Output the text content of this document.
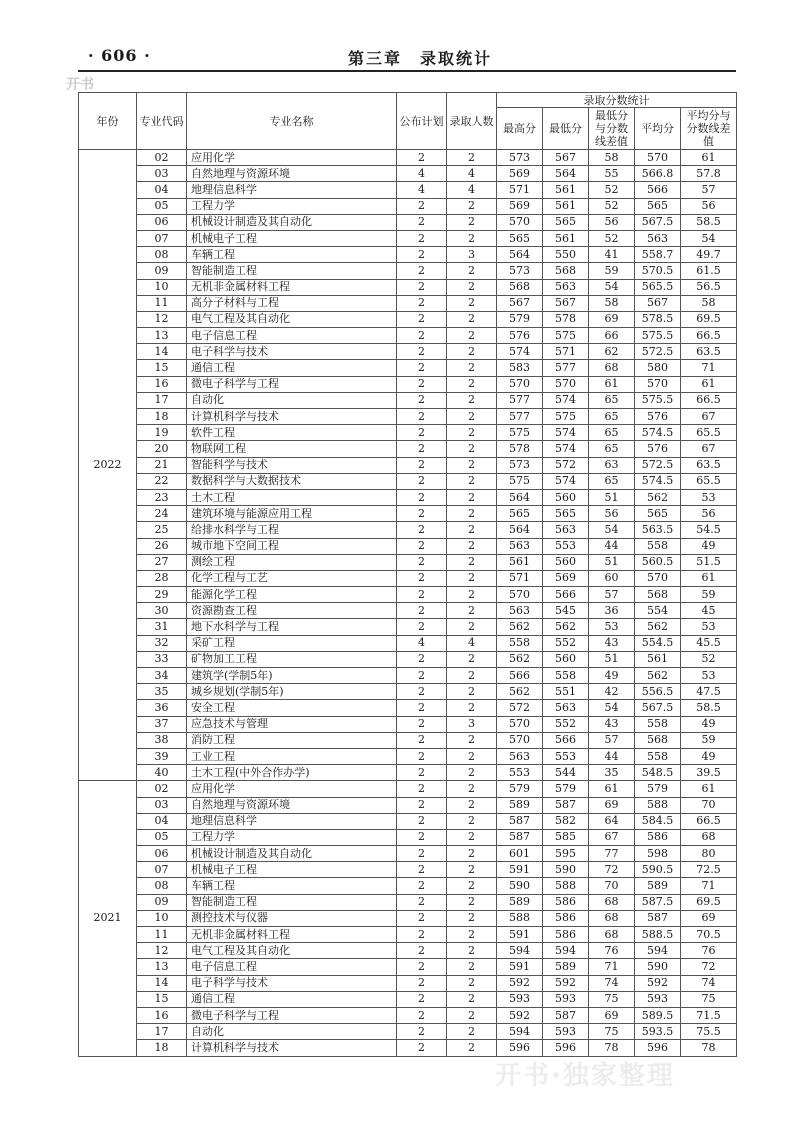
· 606 ·	第三章　录取统计
开书
年份	专业代码	专业名称	公布计划	录取人数	录取分数统计				
					最高分	最低分	最低分与分数线差值	平均分	平均分与分数线差值
2022	02	应用化学	2	2	573	567	58	570	61
	03	自然地理与资源环境	4	4	569	564	55	566.8	57.8
	04	地理信息科学	4	4	571	561	52	566	57
	05	工程力学	2	2	569	561	52	565	56
	06	机械设计制造及其自动化	2	2	570	565	56	567.5	58.5
	07	机械电子工程	2	2	565	561	52	563	54
	08	车辆工程	2	3	564	550	41	558.7	49.7
	09	智能制造工程	2	2	573	568	59	570.5	61.5
	10	无机非金属材料工程	2	2	568	563	54	565.5	56.5
	11	高分子材料与工程	2	2	567	567	58	567	58
	12	电气工程及其自动化	2	2	579	578	69	578.5	69.5
	13	电子信息工程	2	2	576	575	66	575.5	66.5
	14	电子科学与技术	2	2	574	571	62	572.5	63.5
	15	通信工程	2	2	583	577	68	580	71
	16	微电子科学与工程	2	2	570	570	61	570	61
	17	自动化	2	2	577	574	65	575.5	66.5
	18	计算机科学与技术	2	2	577	575	65	576	67
	19	软件工程	2	2	575	574	65	574.5	65.5
	20	物联网工程	2	2	578	574	65	576	67
	21	智能科学与技术	2	2	573	572	63	572.5	63.5
	22	数据科学与大数据技术	2	2	575	574	65	574.5	65.5
	23	土木工程	2	2	564	560	51	562	53
	24	建筑环境与能源应用工程	2	2	565	565	56	565	56
	25	给排水科学与工程	2	2	564	563	54	563.5	54.5
	26	城市地下空间工程	2	2	563	553	44	558	49
	27	测绘工程	2	2	561	560	51	560.5	51.5
	28	化学工程与工艺	2	2	571	569	60	570	61
	29	能源化学工程	2	2	570	566	57	568	59
	30	资源勘查工程	2	2	563	545	36	554	45
	31	地下水科学与工程	2	2	562	562	53	562	53
	32	采矿工程	4	4	558	552	43	554.5	45.5
	33	矿物加工工程	2	2	562	560	51	561	52
	34	建筑学(学制5年)	2	2	566	558	49	562	53
	35	城乡规划(学制5年)	2	2	562	551	42	556.5	47.5
	36	安全工程	2	2	572	563	54	567.5	58.5
	37	应急技术与管理	2	3	570	552	43	558	49
	38	消防工程	2	2	570	566	57	568	59
	39	工业工程	2	2	563	553	44	558	49
	40	土木工程(中外合作办学)	2	2	553	544	35	548.5	39.5
2021	02	应用化学	2	2	579	579	61	579	61
	03	自然地理与资源环境	2	2	589	587	69	588	70
	04	地理信息科学	2	2	587	582	64	584.5	66.5
	05	工程力学	2	2	587	585	67	586	68
	06	机械设计制造及其自动化	2	2	601	595	77	598	80
	07	机械电子工程	2	2	591	590	72	590.5	72.5
	08	车辆工程	2	2	590	588	70	589	71
	09	智能制造工程	2	2	589	586	68	587.5	69.5
	10	测控技术与仪器	2	2	588	586	68	587	69
	11	无机非金属材料工程	2	2	591	586	68	588.5	70.5
	12	电气工程及其自动化	2	2	594	594	76	594	76
	13	电子信息工程	2	2	591	589	71	590	72
	14	电子科学与技术	2	2	592	592	74	592	74
	15	通信工程	2	2	593	593	75	593	75
	16	微电子科学与工程	2	2	592	587	69	589.5	71.5
	17	自动化	2	2	594	593	75	593.5	75.5
	18	计算机科学与技术	2	2	596	596	78	596	78
开书·独家整理
